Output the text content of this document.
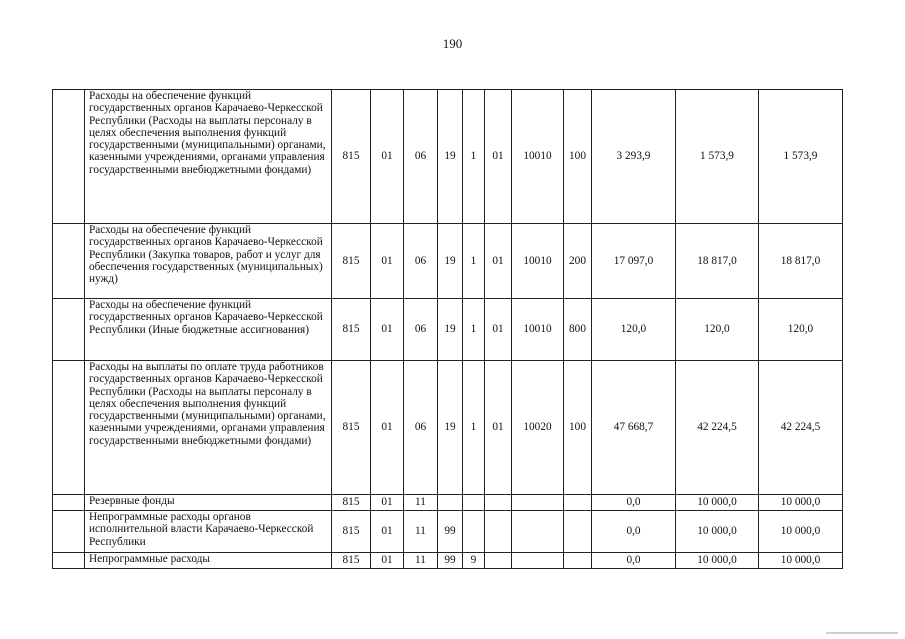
190
	Расходы на обеспечение функций государственных органов Карачаево-Черкесской Республики (Расходы на выплаты персоналу в целях обеспечения выполнения функций государственными (муниципальными) органами, казенными учреждениями, органами управления государственными внебюджетными фондами)	815	01	06	19	1	01	10010	100	3 293,9	1 573,9	1 573,9
	Расходы на обеспечение функций государственных органов Карачаево-Черкесской Республики (Закупка товаров, работ и услуг для обеспечения государственных (муниципальных) нужд)	815	01	06	19	1	01	10010	200	17 097,0	18 817,0	18 817,0
	Расходы на обеспечение функций государственных органов Карачаево-Черкесской Республики (Иные бюджетные ассигнования)	815	01	06	19	1	01	10010	800	120,0	120,0	120,0
	Расходы на выплаты по оплате труда работников государственных органов Карачаево-Черкесской Республики (Расходы на выплаты персоналу в целях обеспечения выполнения функций государственными (муниципальными) органами, казенными учреждениями, органами управления государственными внебюджетными фондами)	815	01	06	19	1	01	10020	100	47 668,7	42 224,5	42 224,5
	Резервные фонды	815	01	11						0,0	10 000,0	10 000,0
	Непрограммные расходы органов исполнительной власти Карачаево-Черкесской Республики	815	01	11	99					0,0	10 000,0	10 000,0
	Непрограммные расходы	815	01	11	99	9				0,0	10 000,0	10 000,0
